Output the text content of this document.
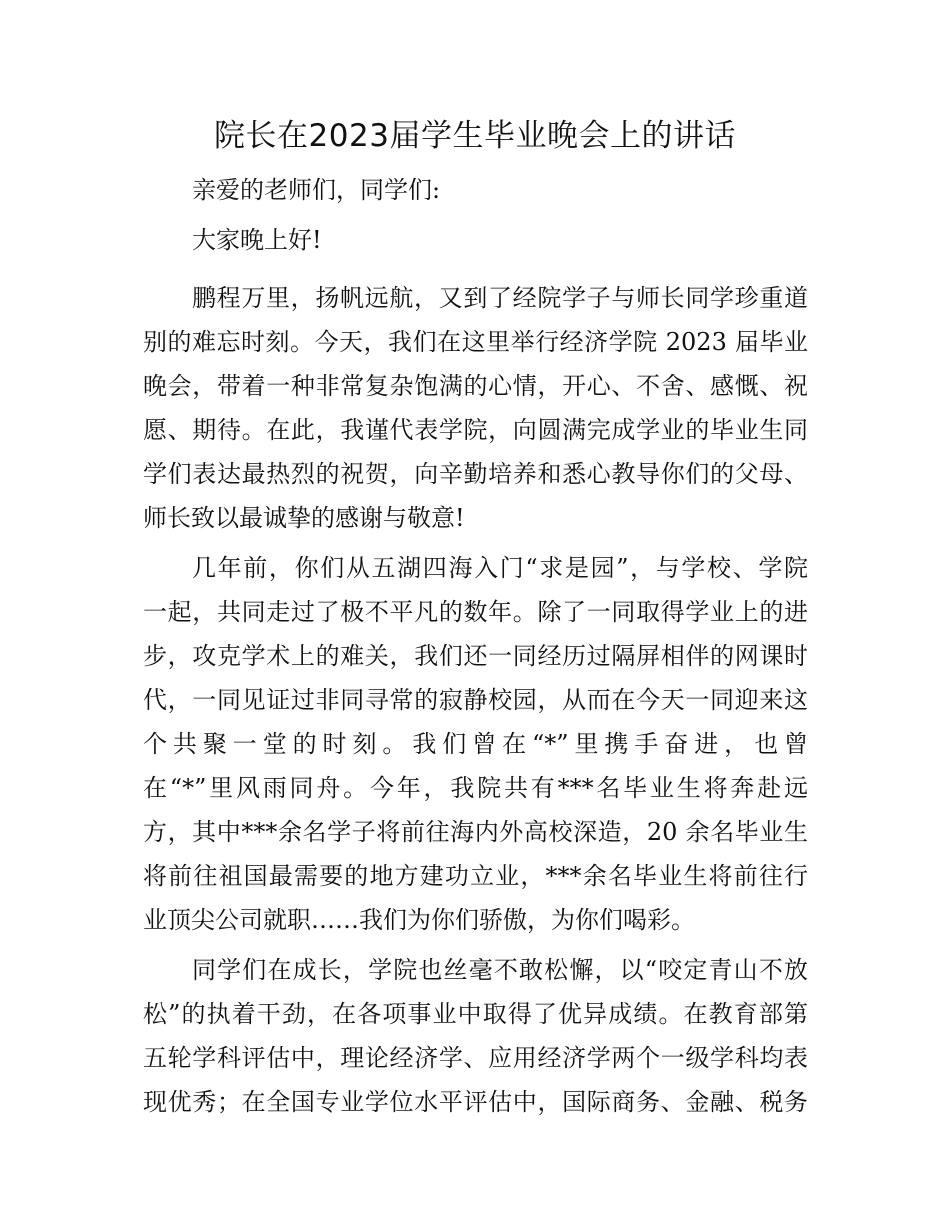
院长在2023届学生毕业晚会上的讲话
亲爱的老师们，同学们:
大家晚上好!
鹏程万里，扬帆远航，又到了经院学子与师长同学珍重道
别的难忘时刻。今天，我们在这里举行经济学院 2023 届毕业
晚会，带着一种非常复杂饱满的心情，开心、不舍、感慨、祝
愿、期待。在此，我谨代表学院，向圆满完成学业的毕业生同
学们表达最热烈的祝贺，向辛勤培养和悉心教导你们的父母、
师长致以最诚挚的感谢与敬意!
几年前，你们从五湖四海入门“求是园”，与学校、学院
一起，共同走过了极不平凡的数年。除了一同取得学业上的进
步，攻克学术上的难关，我们还一同经历过隔屏相伴的网课时
代，一同见证过非同寻常的寂静校园，从而在今天一同迎来这
个共聚一堂的时刻。我们曾在“*”里携手奋进，也曾
在“*”里风雨同舟。今年，我院共有***名毕业生将奔赴远
方，其中***余名学子将前往海内外高校深造，20 余名毕业生
将前往祖国最需要的地方建功立业，***余名毕业生将前往行
业顶尖公司就职……我们为你们骄傲，为你们喝彩。
同学们在成长，学院也丝毫不敢松懈，以“咬定青山不放
松”的执着干劲，在各项事业中取得了优异成绩。在教育部第
五轮学科评估中，理论经济学、应用经济学两个一级学科均表
现优秀；在全国专业学位水平评估中，国际商务、金融、税务
